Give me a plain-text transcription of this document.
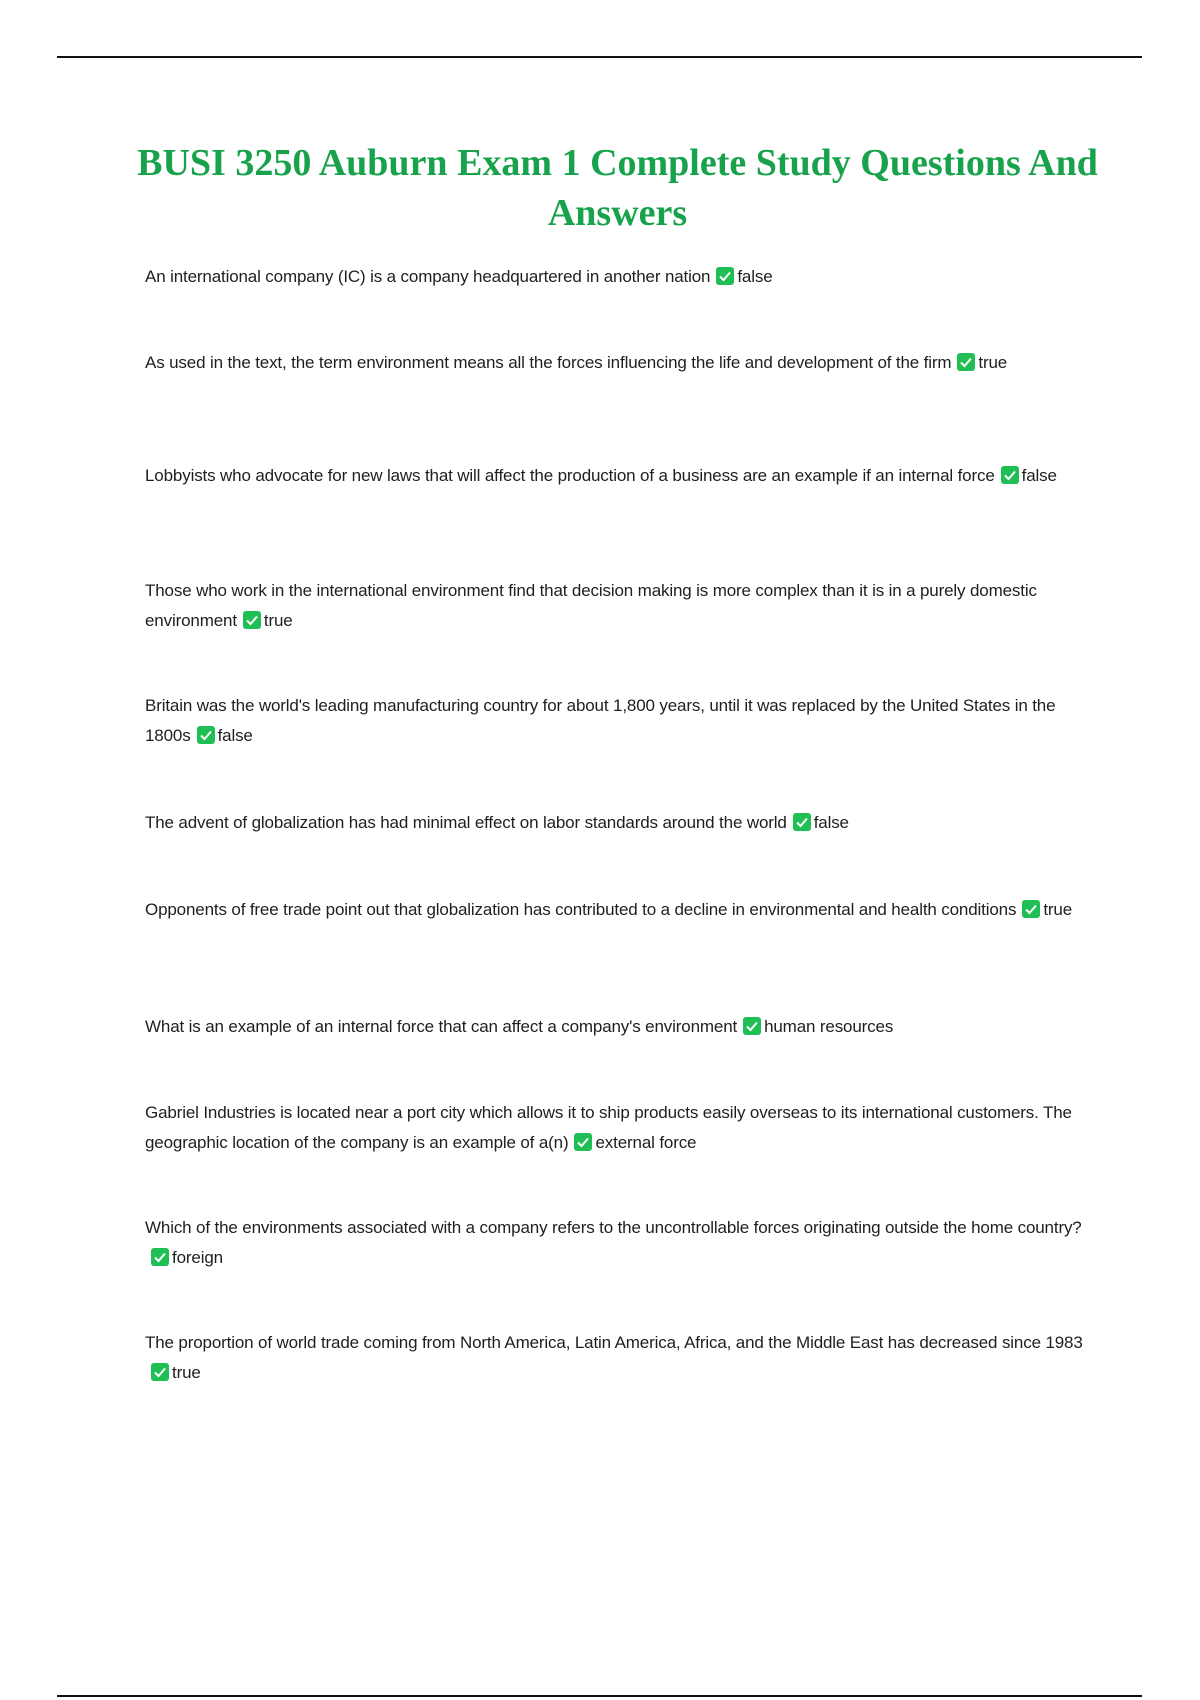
BUSI 3250 Auburn Exam 1 Complete Study Questions And Answers
An international company (IC) is a company headquartered in another nation false
As used in the text, the term environment means all the forces influencing the life and development of the firm true
Lobbyists who advocate for new laws that will affect the production of a business are an example if an internal force false
Those who work in the international environment find that decision making is more complex than it is in a purely domestic environment true
Britain was the world's leading manufacturing country for about 1,800 years, until it was replaced by the United States in the 1800s false
The advent of globalization has had minimal effect on labor standards around the world false
Opponents of free trade point out that globalization has contributed to a decline in environmental and health conditions true
What is an example of an internal force that can affect a company's environment human resources
Gabriel Industries is located near a port city which allows it to ship products easily overseas to its international customers. The geographic location of the company is an example of a(n) external force
Which of the environments associated with a company refers to the uncontrollable forces originating outside the home country?
foreign
The proportion of world trade coming from North America, Latin America, Africa, and the Middle East has decreased since 1983
true
